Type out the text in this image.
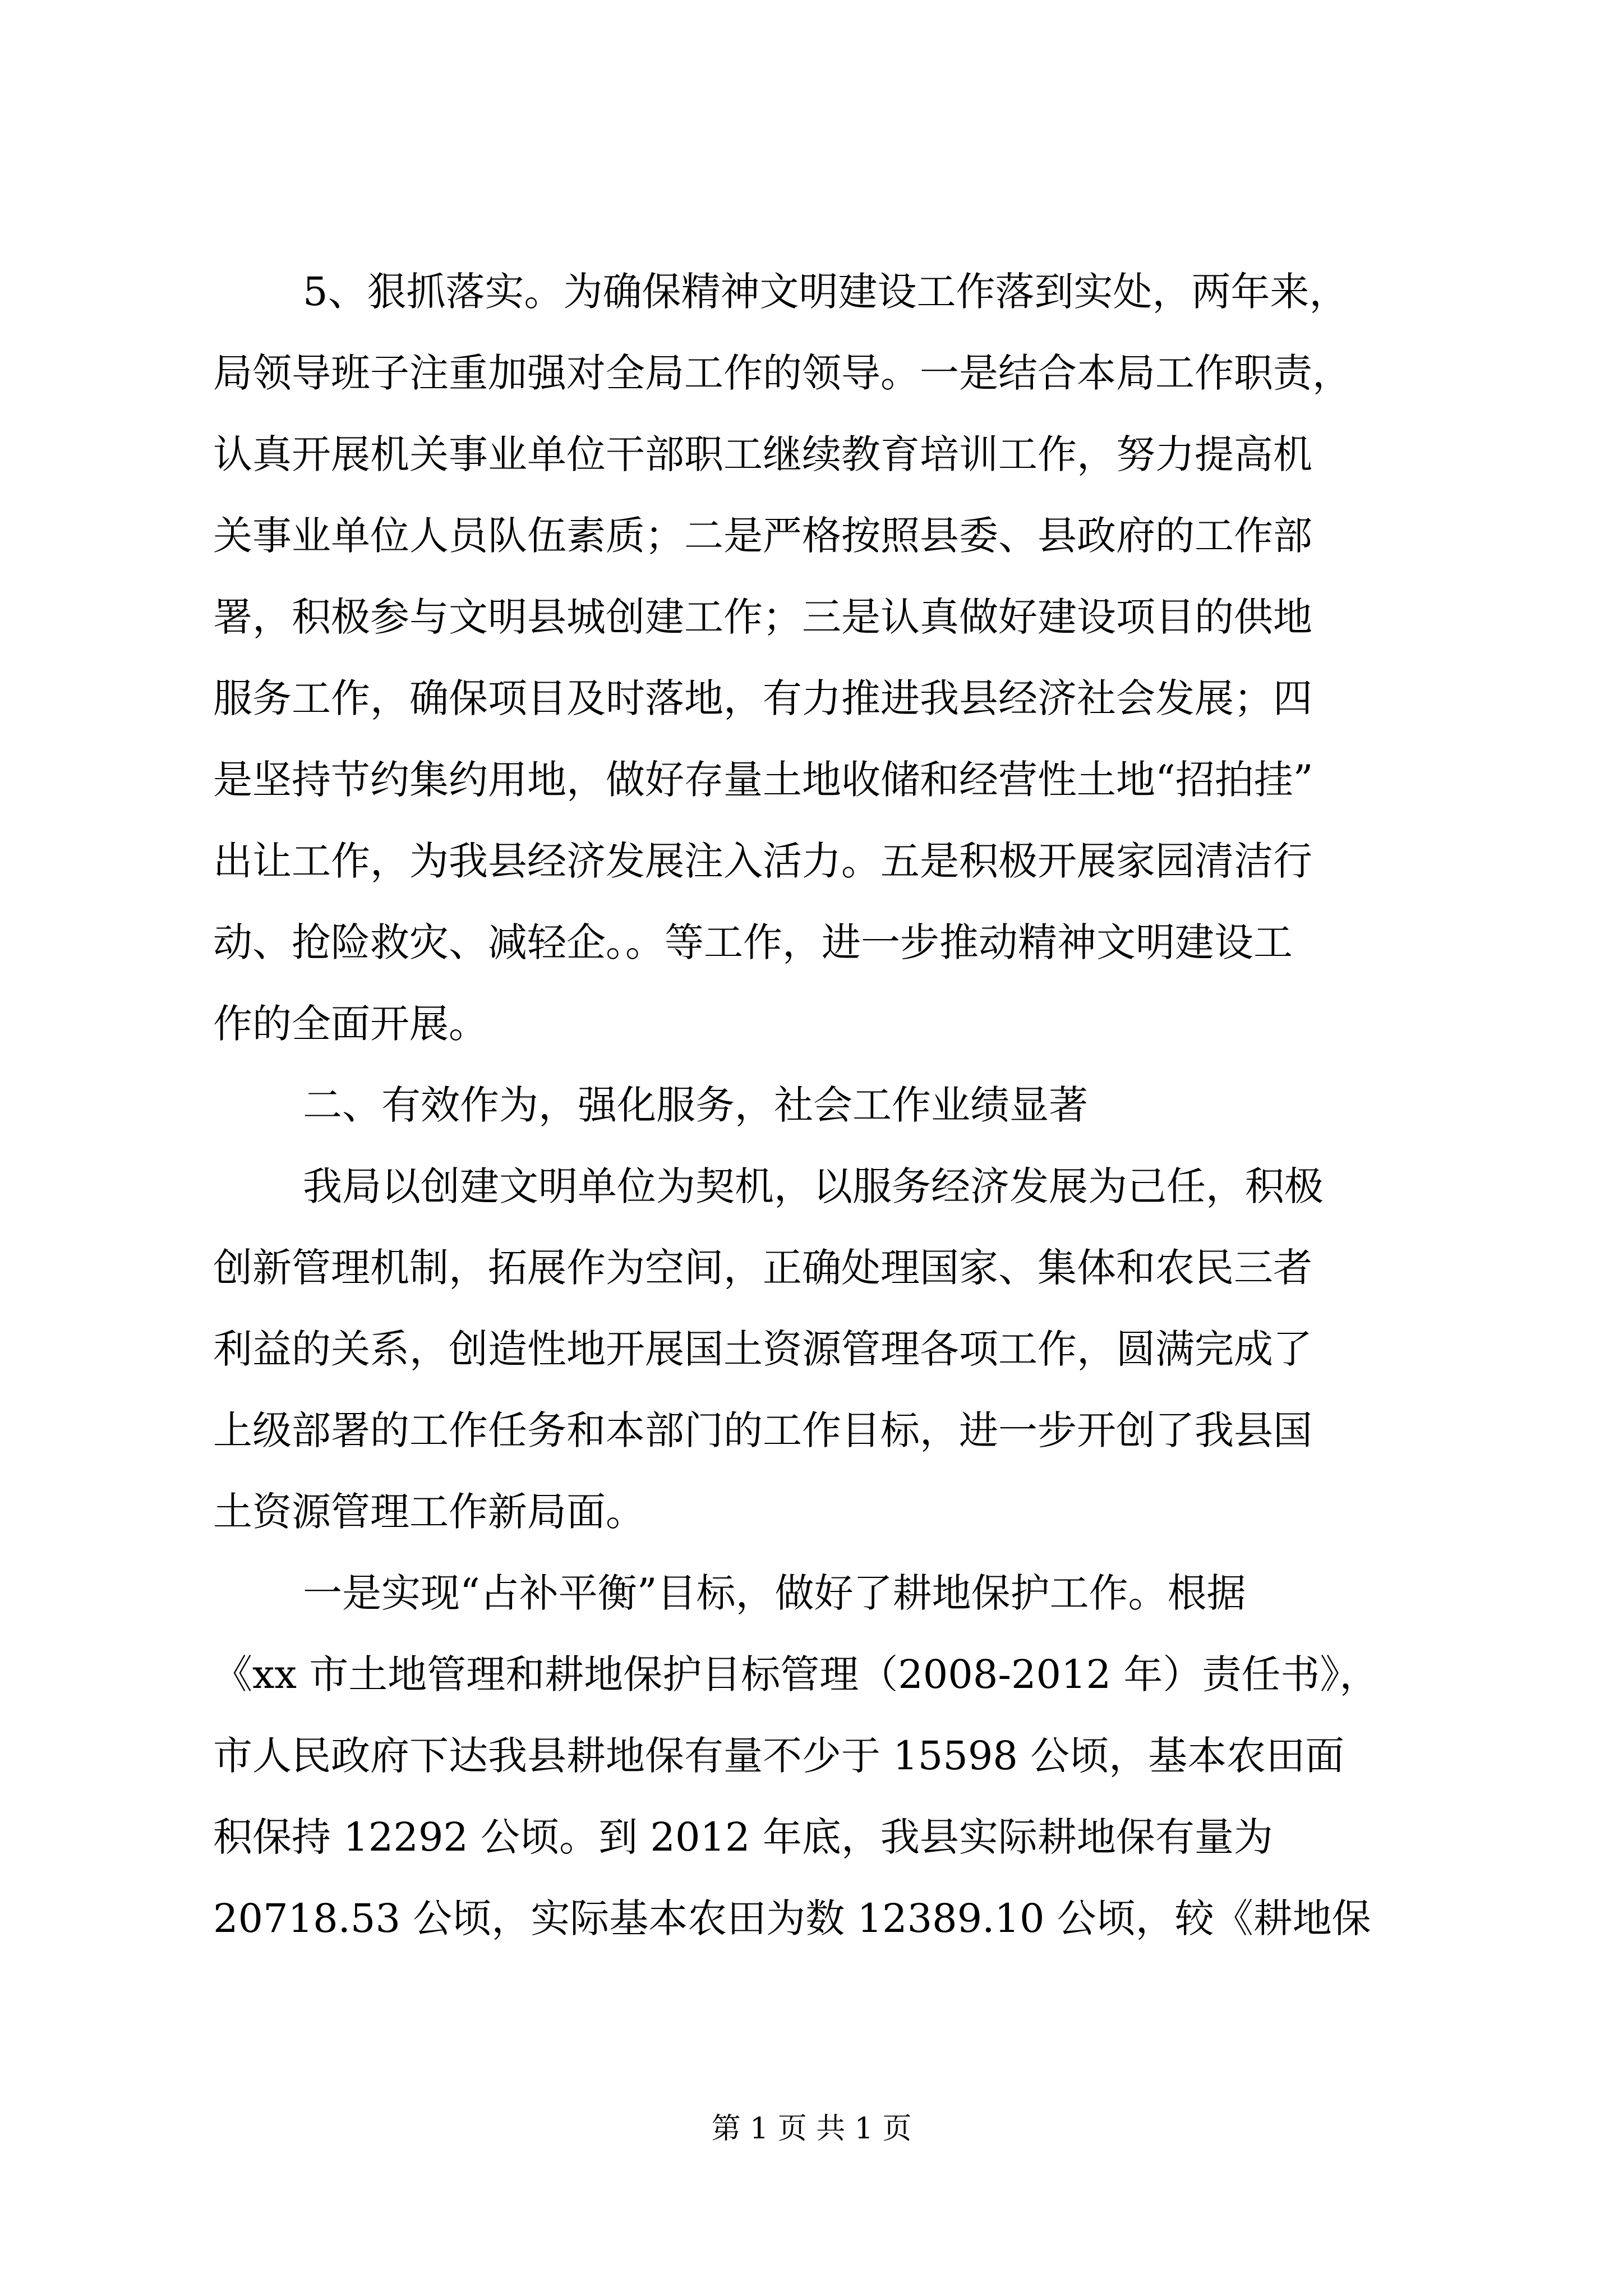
5、狠抓落实。为确保精神文明建设工作落到实处，两年来，
局领导班子注重加强对全局工作的领导。一是结合本局工作职责，
认真开展机关事业单位干部职工继续教育培训工作，努力提高机
关事业单位人员队伍素质；二是严格按照县委、县政府的工作部
署，积极参与文明县城创建工作；三是认真做好建设项目的供地
服务工作，确保项目及时落地，有力推进我县经济社会发展；四
是坚持节约集约用地，做好存量土地收储和经营性土地“招拍挂”
出让工作，为我县经济发展注入活力。五是积极开展家园清洁行
动、抢险救灾、减轻企。。等工作，进一步推动精神文明建设工
作的全面开展。
二、有效作为，强化服务，社会工作业绩显著
我局以创建文明单位为契机，以服务经济发展为己任，积极
创新管理机制，拓展作为空间，正确处理国家、集体和农民三者
利益的关系，创造性地开展国土资源管理各项工作，圆满完成了
上级部署的工作任务和本部门的工作目标，进一步开创了我县国
土资源管理工作新局面。
一是实现“占补平衡”目标，做好了耕地保护工作。根据
《xx 市土地管理和耕地保护目标管理（2008-2012 年）责任书》，
市人民政府下达我县耕地保有量不少于 15598 公顷，基本农田面
积保持 12292 公顷。到 2012 年底，我县实际耕地保有量为
20718.53 公顷，实际基本农田为数 12389.10 公顷，较《耕地保
第 1 页 共 1 页
